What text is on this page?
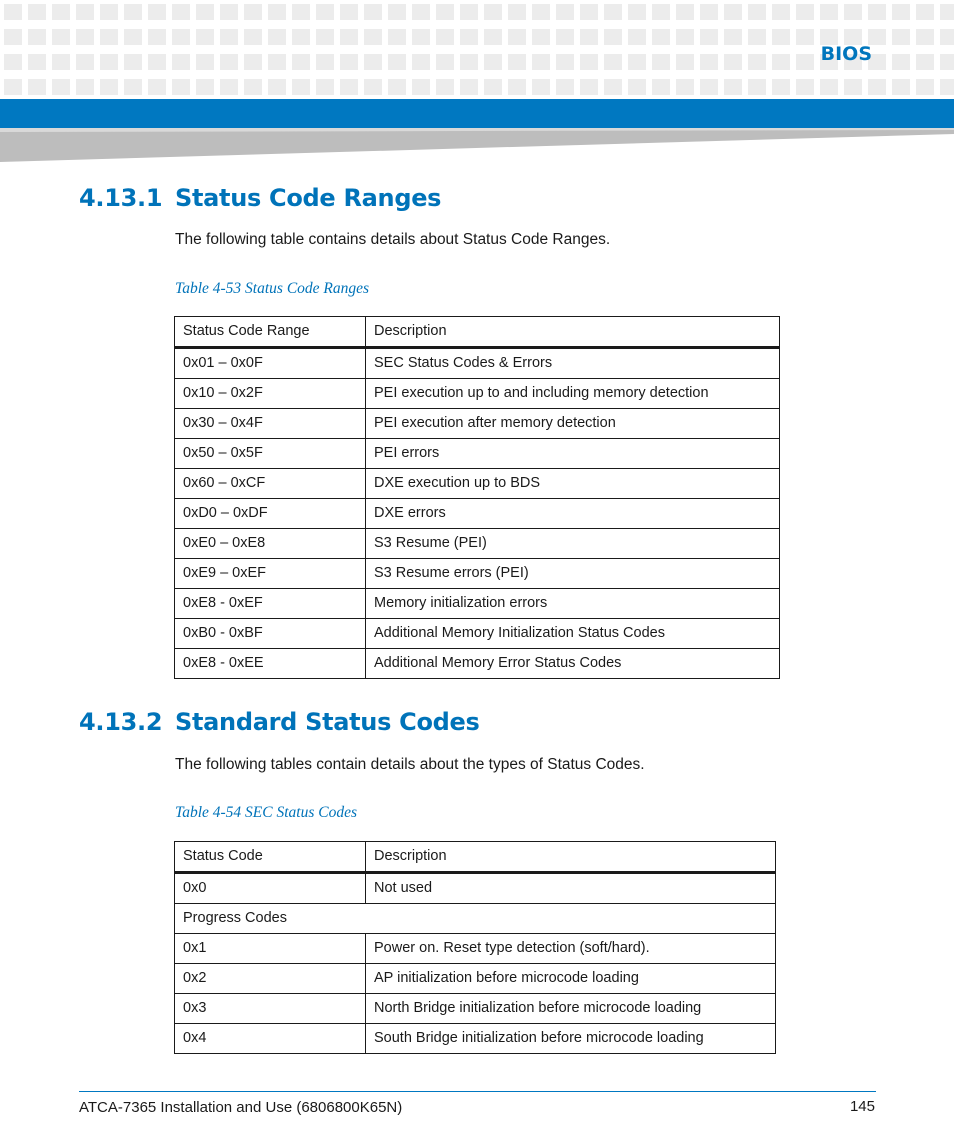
BIOS
4.13.1 Status Code Ranges
The following table contains details about Status Code Ranges.
Table 4-53 Status Code Ranges
Status Code Range	Description
0x01 – 0x0F	SEC Status Codes & Errors
0x10 – 0x2F	PEI execution up to and including memory detection
0x30 – 0x4F	PEI execution after memory detection
0x50 – 0x5F	PEI errors
0x60 – 0xCF	DXE execution up to BDS
0xD0 – 0xDF	DXE errors
0xE0 – 0xE8	S3 Resume (PEI)
0xE9 – 0xEF	S3 Resume errors (PEI)
0xE8 - 0xEF	Memory initialization errors
0xB0 - 0xBF	Additional Memory Initialization Status Codes
0xE8 - 0xEE	Additional Memory Error Status Codes
4.13.2 Standard Status Codes
The following tables contain details about the types of Status Codes.
Table 4-54 SEC Status Codes
Status Code	Description
0x0	Not used
Progress Codes	
0x1	Power on. Reset type detection (soft/hard).
0x2	AP initialization before microcode loading
0x3	North Bridge initialization before microcode loading
0x4	South Bridge initialization before microcode loading
ATCA-7365 Installation and Use (6806800K65N)	145
